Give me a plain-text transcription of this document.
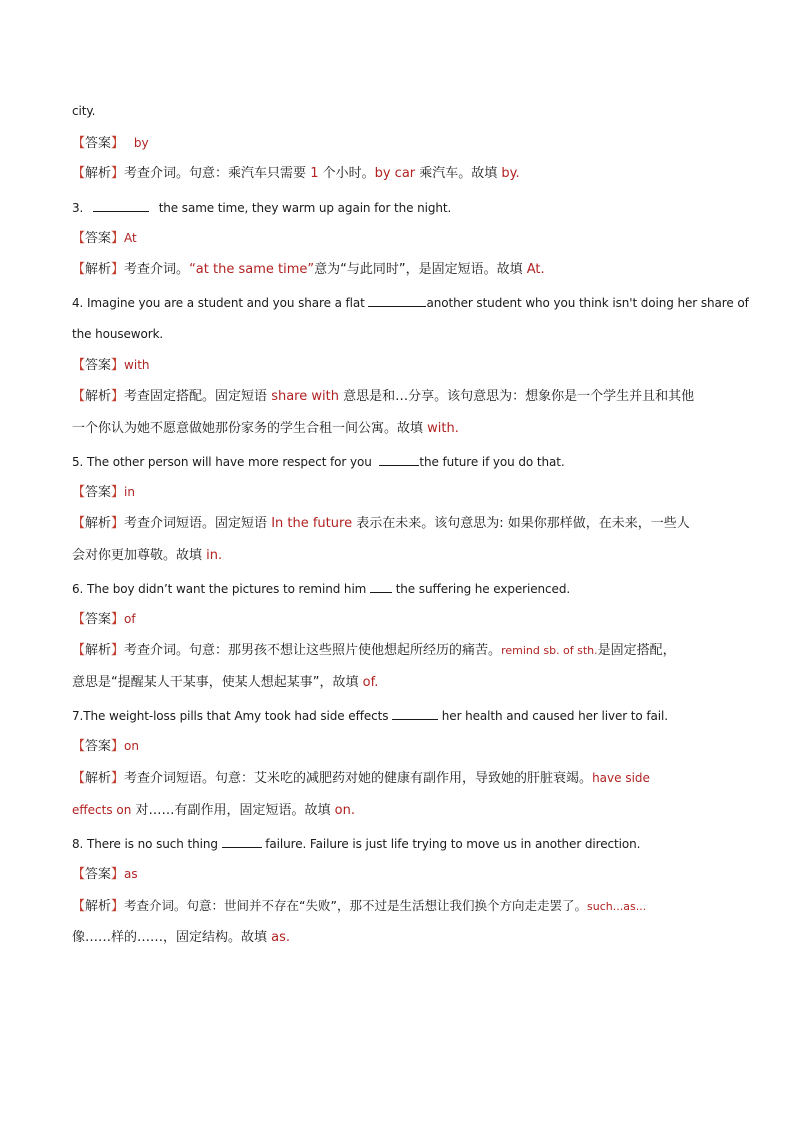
city.
【答案】 by
【解析】考查介词。句意：乘汽车只需要 1 个小时。by car 乘汽车。故填 by.
3.	the same time, they warm up again for the night.
【答案】At
【解析】考查介词。“at the same time”意为“与此同时”，是固定短语。故填 At.
4. Imagine you are a student and you share a flat	another student who you think isn't doing her share of
the housework.
【答案】with
【解析】考查固定搭配。固定短语 share with 意思是和…分享。该句意思为：想象你是一个学生并且和其他
一个你认为她不愿意做她那份家务的学生合租一间公寓。故填 with.
5. The other person will have more respect for you	the future if you do that.
【答案】in
【解析】考查介词短语。固定短语 In the future 表示在未来。该句意思为: 如果你那样做，在未来，一些人
会对你更加尊敬。故填 in.
6. The boy didn’t want the pictures to remind him  the suffering he experienced.
【答案】of
【解析】考查介词。句意：那男孩不想让这些照片使他想起所经历的痛苦。remind sb. of sth.是固定搭配，
意思是“提醒某人干某事，使某人想起某事”，故填 of.
7.The weight-loss pills that Amy took had side effects	her health and caused her liver to fail.
【答案】on
【解析】考查介词短语。句意：艾米吃的减肥药对她的健康有副作用，导致她的肝脏衰竭。have side
effects on 对……有副作用，固定短语。故填 on.
8. There is no such thing	failure. Failure is just life trying to move us in another direction.
【答案】as
【解析】考查介词。句意：世间并不存在“失败”，那不过是生活想让我们换个方向走走罢了。such...as...
像……样的……，固定结构。故填 as.
